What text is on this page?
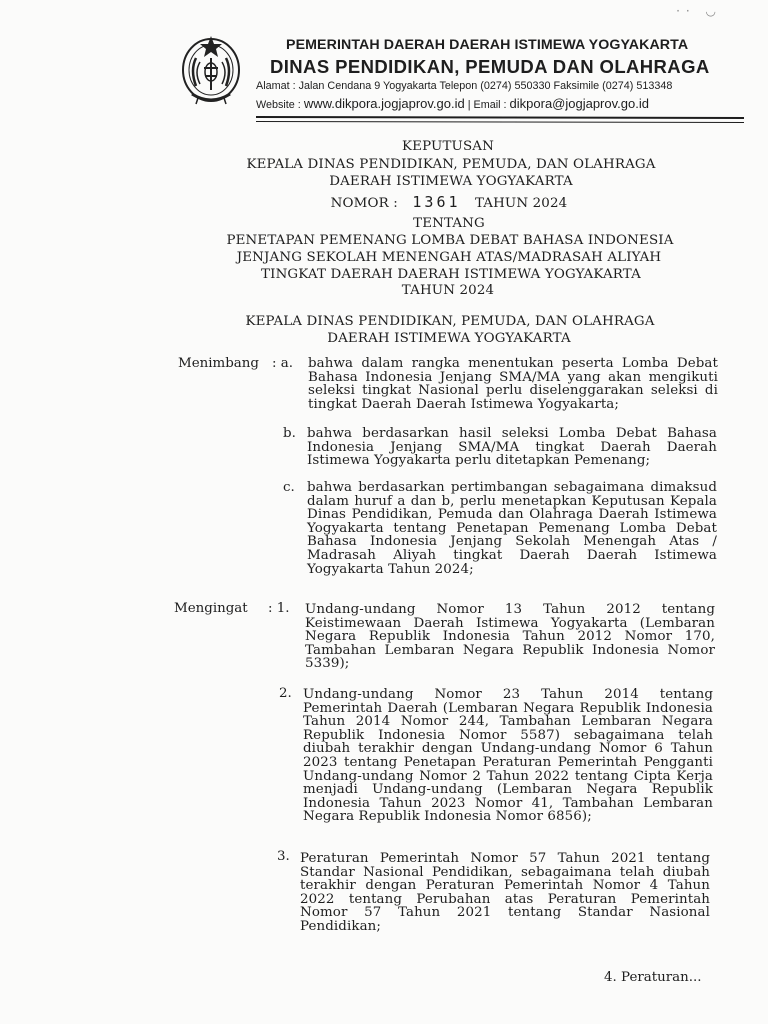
·· ◡
PEMERINTAH DAERAH DAERAH ISTIMEWA YOGYAKARTA
DINAS PENDIDIKAN, PEMUDA DAN OLAHRAGA
Alamat : Jalan Cendana 9 Yogyakarta Telepon (0274) 550330 Faksimile (0274) 513348
Website : www.dikpora.jogjaprov.go.id | Email : dikpora@jogjaprov.go.id
KEPUTUSAN
KEPALA DINAS PENDIDIKAN, PEMUDA, DAN OLAHRAGA
DAERAH ISTIMEWA YOGYAKARTA
NOMOR : 1361 TAHUN 2024
TENTANG
PENETAPAN PEMENANG LOMBA DEBAT BAHASA INDONESIA
JENJANG SEKOLAH MENENGAH ATAS/MADRASAH ALIYAH
TINGKAT DAERAH DAERAH ISTIMEWA YOGYAKARTA
TAHUN 2024
KEPALA DINAS PENDIDIKAN, PEMUDA, DAN OLAHRAGA
DAERAH ISTIMEWA YOGYAKARTA
Menimbang : a. bahwa dalam rangka menentukan peserta Lomba Debat Bahasa Indonesia Jenjang SMA/MA yang akan mengikuti seleksi tingkat Nasional perlu diselenggarakan seleksi di tingkat Daerah Daerah Istimewa Yogyakarta;
b. bahwa berdasarkan hasil seleksi Lomba Debat Bahasa Indonesia Jenjang SMA/MA tingkat Daerah Daerah Istimewa Yogyakarta perlu ditetapkan Pemenang;
c. bahwa berdasarkan pertimbangan sebagaimana dimaksud dalam huruf a dan b, perlu menetapkan Keputusan Kepala Dinas Pendidikan, Pemuda dan Olahraga Daerah Istimewa Yogyakarta tentang Penetapan Pemenang Lomba Debat Bahasa Indonesia Jenjang Sekolah Menengah Atas / Madrasah Aliyah tingkat Daerah Daerah Istimewa Yogyakarta Tahun 2024;
Mengingat : 1. Undang-undang Nomor 13 Tahun 2012 tentang Keistimewaan Daerah Istimewa Yogyakarta (Lembaran Negara Republik Indonesia Tahun 2012 Nomor 170, Tambahan Lembaran Negara Republik Indonesia Nomor 5339);
2. Undang-undang Nomor 23 Tahun 2014 tentang Pemerintah Daerah (Lembaran Negara Republik Indonesia Tahun 2014 Nomor 244, Tambahan Lembaran Negara Republik Indonesia Nomor 5587) sebagaimana telah diubah terakhir dengan Undang-undang Nomor 6 Tahun 2023 tentang Penetapan Peraturan Pemerintah Pengganti Undang-undang Nomor 2 Tahun 2022 tentang Cipta Kerja menjadi Undang-undang (Lembaran Negara Republik Indonesia Tahun 2023 Nomor 41, Tambahan Lembaran Negara Republik Indonesia Nomor 6856);
3. Peraturan Pemerintah Nomor 57 Tahun 2021 tentang Standar Nasional Pendidikan, sebagaimana telah diubah terakhir dengan Peraturan Pemerintah Nomor 4 Tahun 2022 tentang Perubahan atas Peraturan Pemerintah Nomor 57 Tahun 2021 tentang Standar Nasional Pendidikan;
4. Peraturan...
